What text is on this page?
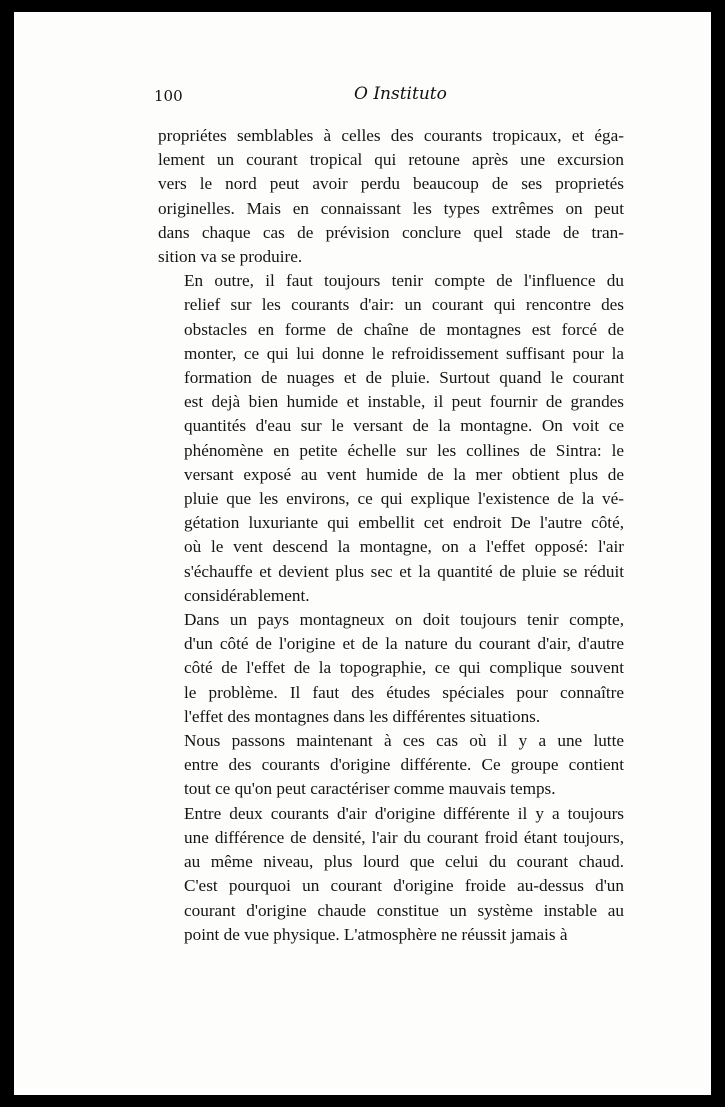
100	O Instituto

propriétes semblables à celles des courants tropicaux, et éga-
lement un courant tropical qui retoune après une excursion
vers le nord peut avoir perdu beaucoup de ses proprietés
originelles. Mais en connaissant les types extrêmes on peut
dans chaque cas de prévision conclure quel stade de tran-
sition va se produire.

En outre, il faut toujours tenir compte de l'influence du
relief sur les courants d'air: un courant qui rencontre des
obstacles en forme de chaîne de montagnes est forcé de
monter, ce qui lui donne le refroidissement suffisant pour la
formation de nuages et de pluie. Surtout quand le courant
est dejà bien humide et instable, il peut fournir de grandes
quantités d'eau sur le versant de la montagne. On voit ce
phénomène en petite échelle sur les collines de Sintra: le
versant exposé au vent humide de la mer obtient plus de
pluie que les environs, ce qui explique l'existence de la vé-
gétation luxuriante qui embellit cet endroit De l'autre côté,
où le vent descend la montagne, on a l'effet opposé: l'air
s'échauffe et devient plus sec et la quantité de pluie se réduit
considérablement.

Dans un pays montagneux on doit toujours tenir compte,
d'un côté de l'origine et de la nature du courant d'air, d'autre
côté de l'effet de la topographie, ce qui complique souvent
le problème. Il faut des études spéciales pour connaître
l'effet des montagnes dans les différentes situations.

Nous passons maintenant à ces cas où il y a une lutte
entre des courants d'origine différente. Ce groupe contient
tout ce qu'on peut caractériser comme mauvais temps.

Entre deux courants d'air d'origine différente il y a toujours
une différence de densité, l'air du courant froid étant toujours,
au même niveau, plus lourd que celui du courant chaud.
C'est pourquoi un courant d'origine froide au-dessus d'un
courant d'origine chaude constitue un système instable au
point de vue physique. L'atmosphère ne réussit jamais à
